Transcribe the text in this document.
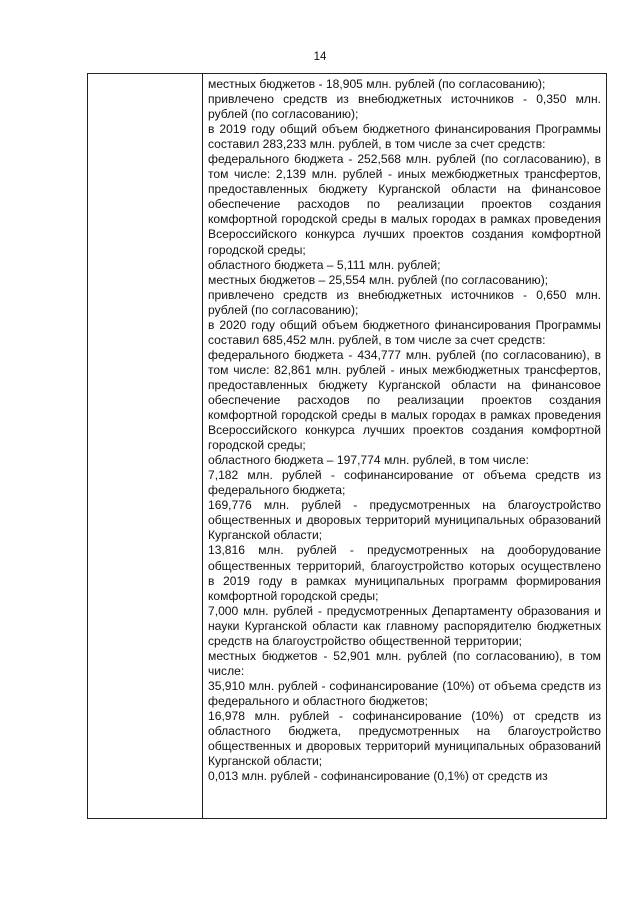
14

местных бюджетов - 18,905 млн. рублей (по согласованию);

привлечено средств из внебюджетных источников - 0,350 млн. рублей (по согласованию);

в 2019 году общий объем бюджетного финансирования Программы составил 283,233 млн. рублей, в том числе за счет средств:

федерального бюджета - 252,568 млн. рублей (по согласованию), в том числе: 2,139 млн. рублей - иных межбюджетных трансфертов, предоставленных бюджету Курганской области на финансовое обеспечение расходов по реализации проектов создания комфортной городской среды в малых городах в рамках проведения Всероссийского конкурса лучших проектов создания комфортной городской среды;

областного бюджета – 5,111 млн. рублей;

местных бюджетов – 25,554 млн. рублей (по согласованию);

привлечено средств из внебюджетных источников - 0,650 млн. рублей (по согласованию);

в 2020 году общий объем бюджетного финансирования Программы составил 685,452 млн. рублей, в том числе за счет средств:

федерального бюджета - 434,777 млн. рублей (по согласованию), в том числе: 82,861 млн. рублей - иных межбюджетных трансфертов, предоставленных бюджету Курганской области на финансовое обеспечение расходов по реализации проектов создания комфортной городской среды в малых городах в рамках проведения Всероссийского конкурса лучших проектов создания комфортной городской среды;

областного бюджета – 197,774 млн. рублей, в том числе:

7,182 млн. рублей - софинансирование от объема средств из федерального бюджета;

169,776 млн. рублей - предусмотренных на благоустройство общественных и дворовых территорий муниципальных образований Курганской области;

13,816 млн. рублей - предусмотренных на дооборудование общественных территорий, благоустройство которых осуществлено в 2019 году в рамках муниципальных программ формирования комфортной городской среды;

7,000 млн. рублей - предусмотренных Департаменту образования и науки Курганской области как главному распорядителю бюджетных средств на благоустройство общественной территории;

местных бюджетов - 52,901 млн. рублей (по согласованию), в том числе:

35,910 млн. рублей - софинансирование (10%) от объема средств из федерального и областного бюджетов;

16,978 млн. рублей - софинансирование (10%) от средств из областного бюджета, предусмотренных на благоустройство общественных и дворовых территорий муниципальных образований Курганской области;

0,013 млн. рублей - софинансирование (0,1%) от средств из
